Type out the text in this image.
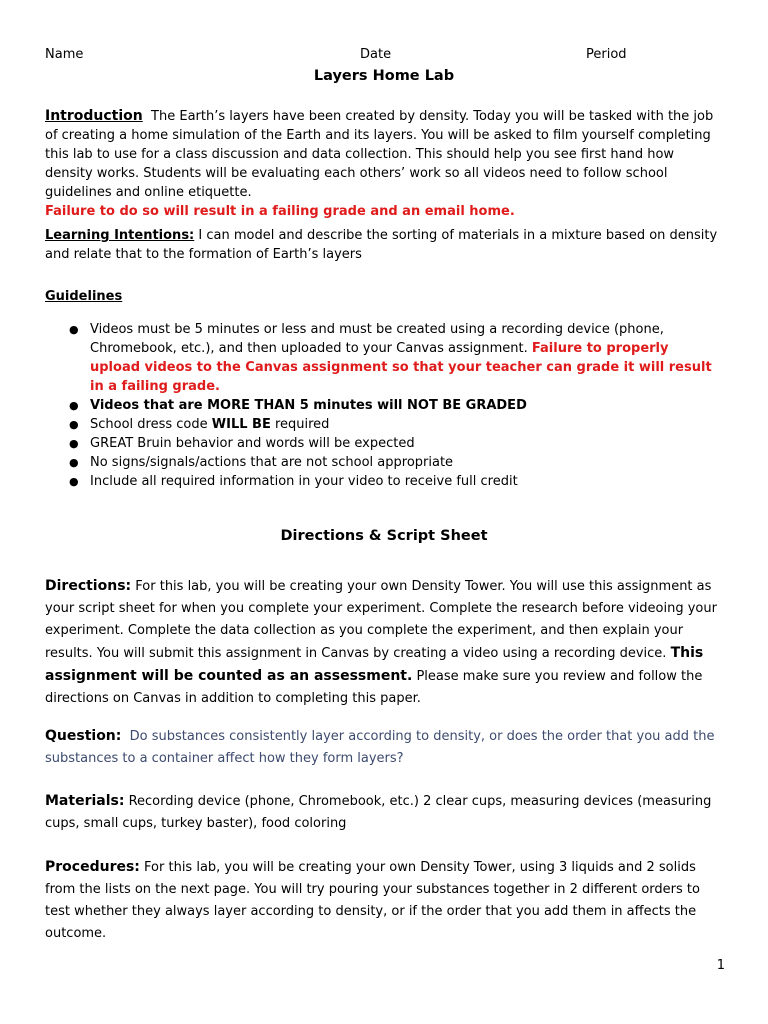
Name	Date	Period
Layers Home Lab
Introduction The Earth’s layers have been created by density. Today you will be tasked with the job of creating a home simulation of the Earth and its layers. You will be asked to film yourself completing this lab to use for a class discussion and data collection. This should help you see first hand how density works. Students will be evaluating each others’ work so all videos need to follow school guidelines and online etiquette.
Failure to do so will result in a failing grade and an email home.
Learning Intentions: I can model and describe the sorting of materials in a mixture based on density and relate that to the formation of Earth’s layers
Guidelines
● Videos must be 5 minutes or less and must be created using a recording device (phone, Chromebook, etc.), and then uploaded to your Canvas assignment. Failure to properly upload videos to the Canvas assignment so that your teacher can grade it will result in a failing grade.
● Videos that are MORE THAN 5 minutes will NOT BE GRADED
● School dress code WILL BE required
● GREAT Bruin behavior and words will be expected
● No signs/signals/actions that are not school appropriate
● Include all required information in your video to receive full credit
Directions & Script Sheet
Directions: For this lab, you will be creating your own Density Tower. You will use this assignment as your script sheet for when you complete your experiment. Complete the research before videoing your experiment. Complete the data collection as you complete the experiment, and then explain your results. You will submit this assignment in Canvas by creating a video using a recording device. This assignment will be counted as an assessment. Please make sure you review and follow the directions on Canvas in addition to completing this paper.
Question: Do substances consistently layer according to density, or does the order that you add the substances to a container affect how they form layers?
Materials: Recording device (phone, Chromebook, etc.) 2 clear cups, measuring devices (measuring cups, small cups, turkey baster), food coloring
Procedures: For this lab, you will be creating your own Density Tower, using 3 liquids and 2 solids from the lists on the next page. You will try pouring your substances together in 2 different orders to test whether they always layer according to density, or if the order that you add them in affects the outcome.
1
